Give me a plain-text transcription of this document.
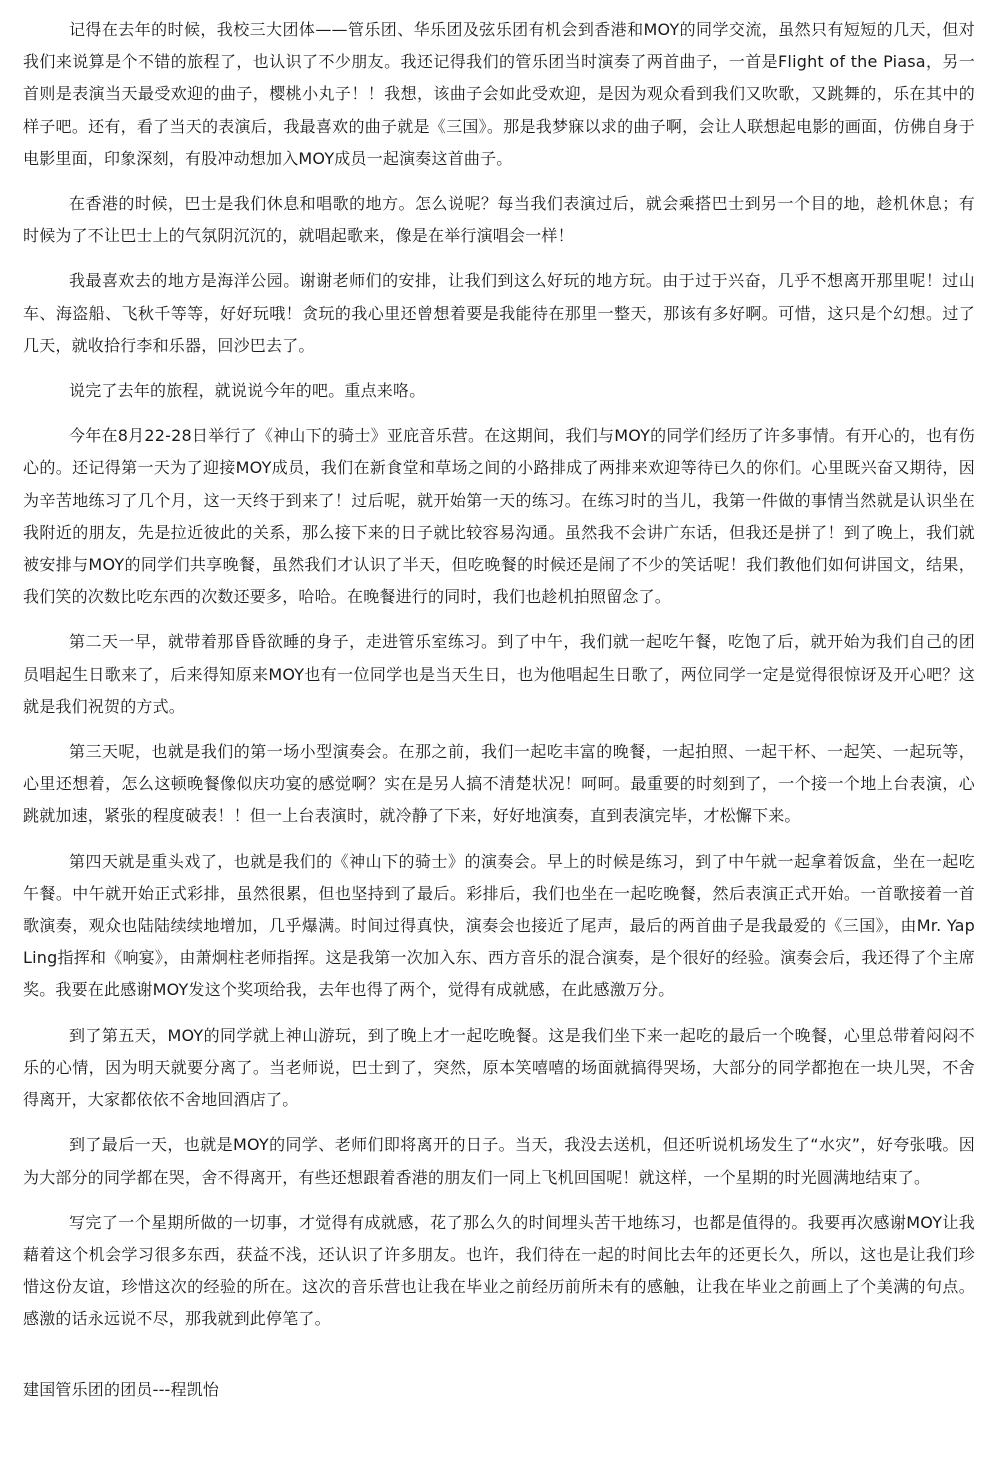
记得在去年的时候，我校三大团体——管乐团、华乐团及弦乐团有机会到香港和MOY的同学交流，虽然只有短短的几天，但对我们来说算是个不错的旅程了，也认识了不少朋友。我还记得我们的管乐团当时演奏了两首曲子，一首是Flight of the Piasa，另一首则是表演当天最受欢迎的曲子，樱桃小丸子！！我想，该曲子会如此受欢迎，是因为观众看到我们又吹歌，又跳舞的，乐在其中的样子吧。还有，看了当天的表演后，我最喜欢的曲子就是《三国》。那是我梦寐以求的曲子啊，会让人联想起电影的画面，仿佛自身于电影里面，印象深刻，有股冲动想加入MOY成员一起演奏这首曲子。

在香港的时候，巴士是我们休息和唱歌的地方。怎么说呢？每当我们表演过后，就会乘搭巴士到另一个目的地，趁机休息；有时候为了不让巴士上的气氛阴沉沉的，就唱起歌来，像是在举行演唱会一样！

我最喜欢去的地方是海洋公园。谢谢老师们的安排，让我们到这么好玩的地方玩。由于过于兴奋，几乎不想离开那里呢！过山车、海盗船、飞秋千等等，好好玩哦！贪玩的我心里还曾想着要是我能待在那里一整天，那该有多好啊。可惜，这只是个幻想。过了几天，就收拾行李和乐器，回沙巴去了。

说完了去年的旅程，就说说今年的吧。重点来咯。

今年在8月22-28日举行了《神山下的骑士》亚庇音乐营。在这期间，我们与MOY的同学们经历了许多事情。有开心的，也有伤心的。还记得第一天为了迎接MOY成员，我们在新食堂和草场之间的小路排成了两排来欢迎等待已久的你们。心里既兴奋又期待，因为辛苦地练习了几个月，这一天终于到来了！过后呢，就开始第一天的练习。在练习时的当儿，我第一件做的事情当然就是认识坐在我附近的朋友，先是拉近彼此的关系，那么接下来的日子就比较容易沟通。虽然我不会讲广东话，但我还是拼了！到了晚上，我们就被安排与MOY的同学们共享晚餐，虽然我们才认识了半天，但吃晚餐的时候还是闹了不少的笑话呢！我们教他们如何讲国文，结果，我们笑的次数比吃东西的次数还要多，哈哈。在晚餐进行的同时，我们也趁机拍照留念了。

第二天一早，就带着那昏昏欲睡的身子，走进管乐室练习。到了中午，我们就一起吃午餐，吃饱了后，就开始为我们自己的团员唱起生日歌来了，后来得知原来MOY也有一位同学也是当天生日，也为他唱起生日歌了，两位同学一定是觉得很惊讶及开心吧？这就是我们祝贺的方式。

第三天呢，也就是我们的第一场小型演奏会。在那之前，我们一起吃丰富的晚餐，一起拍照、一起干杯、一起笑、一起玩等，心里还想着，怎么这顿晚餐像似庆功宴的感觉啊？实在是另人搞不清楚状况！呵呵。最重要的时刻到了，一个接一个地上台表演，心跳就加速，紧张的程度破表！！但一上台表演时，就冷静了下来，好好地演奏，直到表演完毕，才松懈下来。

第四天就是重头戏了，也就是我们的《神山下的骑士》的演奏会。早上的时候是练习，到了中午就一起拿着饭盒，坐在一起吃午餐。中午就开始正式彩排，虽然很累，但也坚持到了最后。彩排后，我们也坐在一起吃晚餐，然后表演正式开始。一首歌接着一首歌演奏，观众也陆陆续续地增加，几乎爆满。时间过得真快，演奏会也接近了尾声，最后的两首曲子是我最爱的《三国》，由Mr. Yap Ling指挥和《响宴》，由萧炯柱老师指挥。这是我第一次加入东、西方音乐的混合演奏，是个很好的经验。演奏会后，我还得了个主席奖。我要在此感谢MOY发这个奖项给我，去年也得了两个，觉得有成就感，在此感激万分。

到了第五天，MOY的同学就上神山游玩，到了晚上才一起吃晚餐。这是我们坐下来一起吃的最后一个晚餐，心里总带着闷闷不乐的心情，因为明天就要分离了。当老师说，巴士到了，突然，原本笑嘻嘻的场面就搞得哭场，大部分的同学都抱在一块儿哭，不舍得离开，大家都依依不舍地回酒店了。

到了最后一天，也就是MOY的同学、老师们即将离开的日子。当天，我没去送机，但还听说机场发生了“水灾”，好夸张哦。因为大部分的同学都在哭，舍不得离开，有些还想跟着香港的朋友们一同上飞机回国呢！就这样，一个星期的时光圆满地结束了。

写完了一个星期所做的一切事，才觉得有成就感，花了那么久的时间埋头苦干地练习，也都是值得的。我要再次感谢MOY让我藉着这个机会学习很多东西，获益不浅，还认识了许多朋友。也许，我们待在一起的时间比去年的还更长久，所以，这也是让我们珍惜这份友谊，珍惜这次的经验的所在。这次的音乐营也让我在毕业之前经历前所未有的感触，让我在毕业之前画上了个美满的句点。感激的话永远说不尽，那我就到此停笔了。

建国管乐团的团员---程凯怡
